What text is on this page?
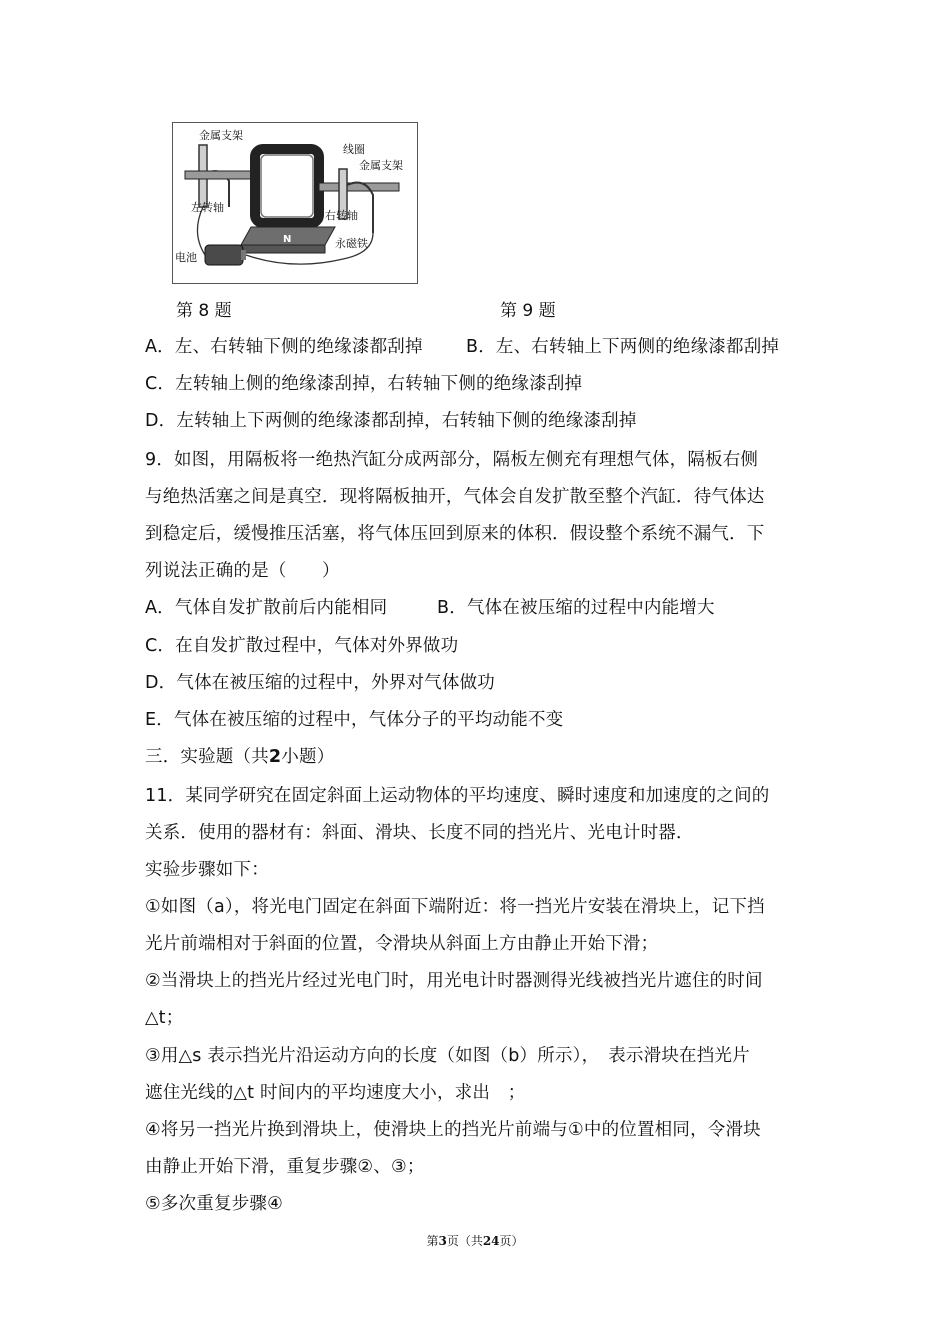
金属支架
线圈
金属支架
左转轴
右转轴
N	永磁铁
电池
第 8 题	第 9 题
A．左、右转轴下侧的绝缘漆都刮掉 B．左、右转轴上下两侧的绝缘漆都刮掉
C．左转轴上侧的绝缘漆刮掉，右转轴下侧的绝缘漆刮掉
D．左转轴上下两侧的绝缘漆都刮掉，右转轴下侧的绝缘漆刮掉
9．如图，用隔板将一绝热汽缸分成两部分，隔板左侧充有理想气体，隔板右侧
与绝热活塞之间是真空．现将隔板抽开，气体会自发扩散至整个汽缸．待气体达
到稳定后，缓慢推压活塞，将气体压回到原来的体积．假设整个系统不漏气．下
列说法正确的是（　　）
A．气体自发扩散前后内能相同	B．气体在被压缩的过程中内能增大
C．在自发扩散过程中，气体对外界做功
D．气体在被压缩的过程中，外界对气体做功
E．气体在被压缩的过程中，气体分子的平均动能不变
三．实验题（共2小题）
11．某同学研究在固定斜面上运动物体的平均速度、瞬时速度和加速度的之间的
关系．使用的器材有：斜面、滑块、长度不同的挡光片、光电计时器．
实验步骤如下：
①如图（a），将光电门固定在斜面下端附近：将一挡光片安装在滑块上，记下挡
光片前端相对于斜面的位置，令滑块从斜面上方由静止开始下滑；
②当滑块上的挡光片经过光电门时，用光电计时器测得光线被挡光片遮住的时间
△t；
③用△s 表示挡光片沿运动方向的长度（如图（b）所示），　表示滑块在挡光片
遮住光线的△t 时间内的平均速度大小，求出　；
④将另一挡光片换到滑块上，使滑块上的挡光片前端与①中的位置相同，令滑块
由静止开始下滑，重复步骤②、③；
⑤多次重复步骤④
第3页（共24页）
